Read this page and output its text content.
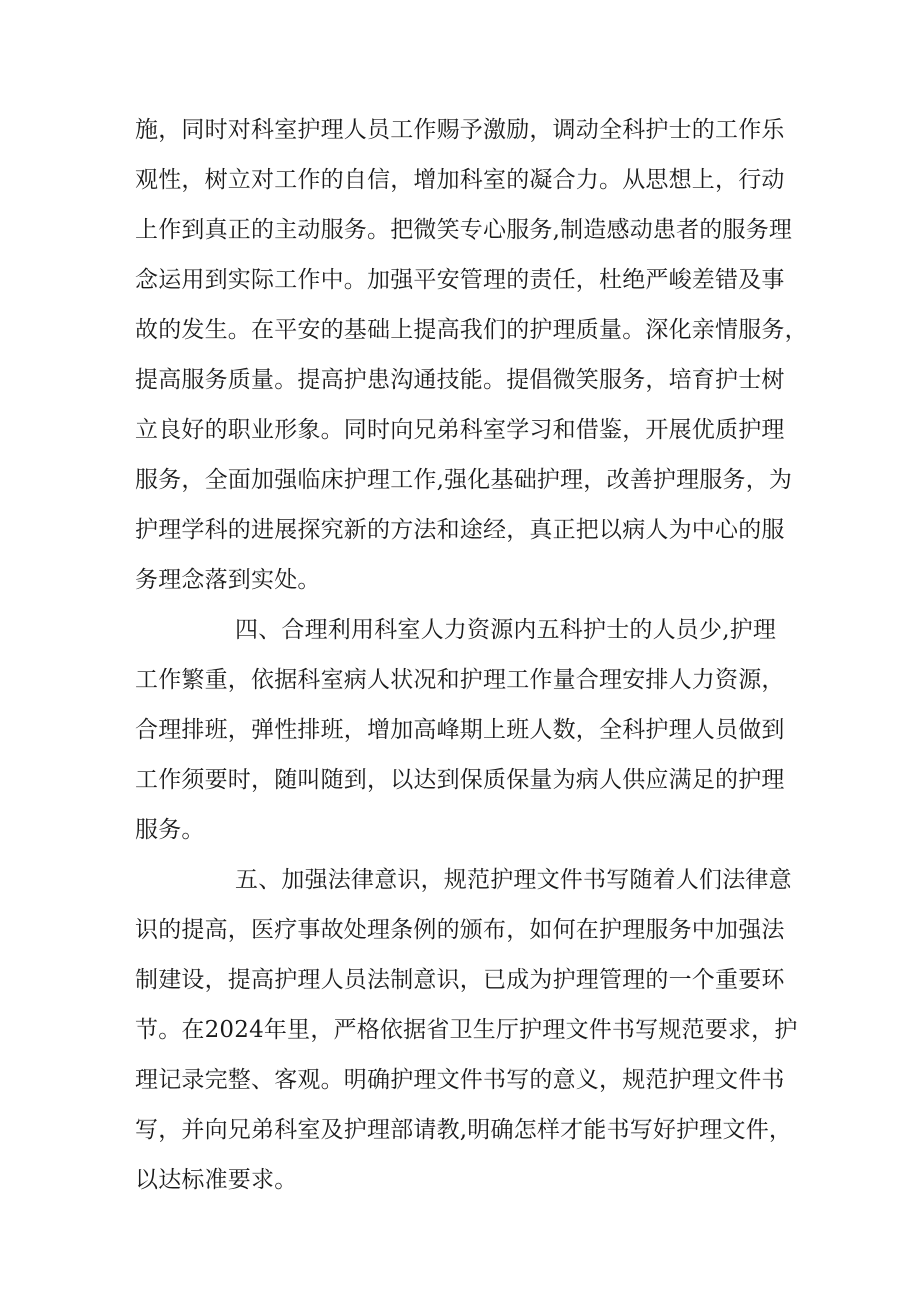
施，同时对科室护理人员工作赐予激励，调动全科护士的工作乐
观性，树立对工作的自信，增加科室的凝合力。从思想上，行动
上作到真正的主动服务。把微笑专心服务,制造感动患者的服务理
念运用到实际工作中。加强平安管理的责任，杜绝严峻差错及事
故的发生。在平安的基础上提高我们的护理质量。深化亲情服务，
提高服务质量。提高护患沟通技能。提倡微笑服务，培育护士树
立良好的职业形象。同时向兄弟科室学习和借鉴，开展优质护理
服务，全面加强临床护理工作,强化基础护理，改善护理服务，为
护理学科的进展探究新的方法和途经，真正把以病人为中心的服
务理念落到实处。
四、合理利用科室人力资源内五科护士的人员少,护理
工作繁重，依据科室病人状况和护理工作量合理安排人力资源，
合理排班，弹性排班，增加高峰期上班人数，全科护理人员做到
工作须要时，随叫随到，以达到保质保量为病人供应满足的护理
服务。
五、加强法律意识，规范护理文件书写随着人们法律意
识的提高，医疗事故处理条例的颁布，如何在护理服务中加强法
制建设，提高护理人员法制意识，已成为护理管理的一个重要环
节。在2024年里，严格依据省卫生厅护理文件书写规范要求，护
理记录完整、客观。明确护理文件书写的意义，规范护理文件书
写，并向兄弟科室及护理部请教,明确怎样才能书写好护理文件，
以达标准要求。
